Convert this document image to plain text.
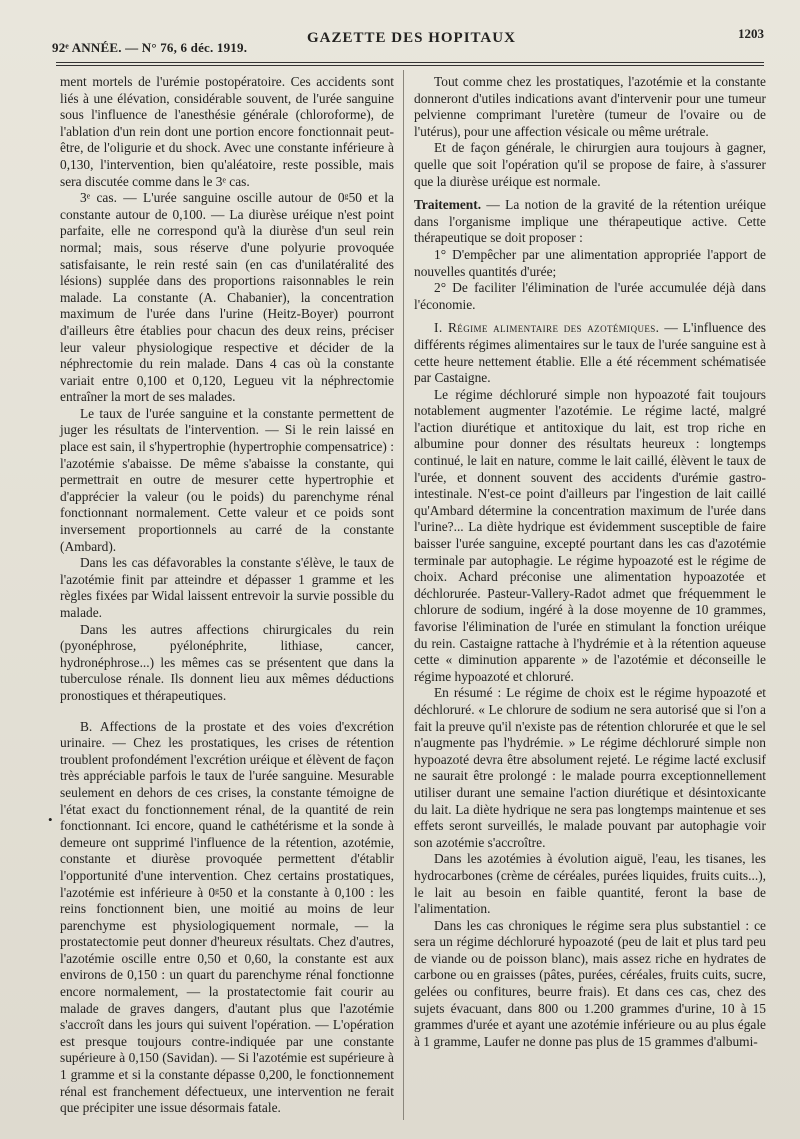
92ᵉ ANNÉE. — N° 76, 6 déc. 1919.
GAZETTE DES HOPITAUX	1203
•

ment mortels de l'urémie postopératoire. Ces accidents sont liés à une élévation, considérable souvent, de l'urée sanguine sous l'influence de l'anesthésie générale (chloroforme), de l'ablation d'un rein dont une portion encore fonctionnait peut-être, de l'oligurie et du shock. Avec une constante inférieure à 0,130, l'intervention, bien qu'aléatoire, reste possible, mais sera discutée comme dans le 3ᵉ cas.

3ᵉ cas. — L'urée sanguine oscille autour de 0ᵍ50 et la constante autour de 0,100. — La diurèse uréique n'est point parfaite, elle ne correspond qu'à la diurèse d'un seul rein normal; mais, sous réserve d'une polyurie provoquée satisfaisante, le rein resté sain (en cas d'unilatéralité des lésions) supplée dans des proportions raisonnables le rein malade. La constante (A. Chabanier), la concentration maximum de l'urée dans l'urine (Heitz-Boyer) pourront d'ailleurs être établies pour chacun des deux reins, préciser leur valeur physiologique respective et décider de la néphrectomie du rein malade. Dans 4 cas où la constante variait entre 0,100 et 0,120, Legueu vit la néphrectomie entraîner la mort de ses malades.

Le taux de l'urée sanguine et la constante permettent de juger les résultats de l'intervention. — Si le rein laissé en place est sain, il s'hypertrophie (hypertrophie compensatrice) : l'azotémie s'abaisse. De même s'abaisse la constante, qui permettrait en outre de mesurer cette hypertrophie et d'apprécier la valeur (ou le poids) du parenchyme rénal fonctionnant normalement. Cette valeur et ce poids sont inversement proportionnels au carré de la constante (Ambard).

Dans les cas défavorables la constante s'élève, le taux de l'azotémie finit par atteindre et dépasser 1 gramme et les règles fixées par Widal laissent entrevoir la survie possible du malade.

Dans les autres affections chirurgicales du rein (pyonéphrose, pyélonéphrite, lithiase, cancer, hydronéphrose...) les mêmes cas se présentent que dans la tuberculose rénale. Ils donnent lieu aux mêmes déductions pronostiques et thérapeutiques.

B. Affections de la prostate et des voies d'excrétion urinaire. — Chez les prostatiques, les crises de rétention troublent profondément l'excrétion uréique et élèvent de façon très appréciable parfois le taux de l'urée sanguine. Mesurable seulement en dehors de ces crises, la constante témoigne de l'état exact du fonctionnement rénal, de la quantité de rein fonctionnant. Ici encore, quand le cathétérisme et la sonde à demeure ont supprimé l'influence de la rétention, azotémie, constante et diurèse provoquée permettent d'établir l'opportunité d'une intervention. Chez certains prostatiques, l'azotémie est inférieure à 0ᵍ50 et la constante à 0,100 : les reins fonctionnent bien, une moitié au moins de leur parenchyme est physiologiquement normale, — la prostatectomie peut donner d'heureux résultats. Chez d'autres, l'azotémie oscille entre 0,50 et 0,60, la constante est aux environs de 0,150 : un quart du parenchyme rénal fonctionne encore normalement, — la prostatectomie fait courir au malade de graves dangers, d'autant plus que l'azotémie s'accroît dans les jours qui suivent l'opération. — L'opération est presque toujours contre-indiquée par une constante supérieure à 0,150 (Savidan). — Si l'azotémie est supérieure à 1 gramme et si la constante dépasse 0,200, le fonctionnement rénal est franchement défectueux, une intervention ne ferait que précipiter une issue désormais fatale.

Tout comme chez les prostatiques, l'azotémie et la constante donneront d'utiles indications avant d'intervenir pour une tumeur pelvienne comprimant l'uretère (tumeur de l'ovaire ou de l'utérus), pour une affection vésicale ou même urétrale.

Et de façon générale, le chirurgien aura toujours à gagner, quelle que soit l'opération qu'il se propose de faire, à s'assurer que la diurèse uréique est normale.

Traitement. — La notion de la gravité de la rétention uréique dans l'organisme implique une thérapeutique active. Cette thérapeutique se doit proposer :

1° D'empêcher par une alimentation appropriée l'apport de nouvelles quantités d'urée;

2° De faciliter l'élimination de l'urée accumulée déjà dans l'économie.

I. Régime alimentaire des azotémiques. — L'influence des différents régimes alimentaires sur le taux de l'urée sanguine est à cette heure nettement établie. Elle a été récemment schématisée par Castaigne.

Le régime déchloruré simple non hypoazoté fait toujours notablement augmenter l'azotémie. Le régime lacté, malgré l'action diurétique et antitoxique du lait, est trop riche en albumine pour donner des résultats heureux : longtemps continué, le lait en nature, comme le lait caillé, élèvent le taux de l'urée, et donnent souvent des accidents d'urémie gastro-intestinale. N'est-ce point d'ailleurs par l'ingestion de lait caillé qu'Ambard détermine la concentration maximum de l'urée dans l'urine?... La diète hydrique est évidemment susceptible de faire baisser l'urée sanguine, excepté pourtant dans les cas d'azotémie terminale par autophagie. Le régime hypoazoté est le régime de choix. Achard préconise une alimentation hypoazotée et déchlorurée. Pasteur-Vallery-Radot admet que fréquemment le chlorure de sodium, ingéré à la dose moyenne de 10 grammes, favorise l'élimination de l'urée en stimulant la fonction uréique du rein. Castaigne rattache à l'hydrémie et à la rétention aqueuse cette « diminution apparente » de l'azotémie et déconseille le régime hypoazoté et chloruré.

En résumé : Le régime de choix est le régime hypoazoté et déchloruré. « Le chlorure de sodium ne sera autorisé que si l'on a fait la preuve qu'il n'existe pas de rétention chlorurée et que le sel n'augmente pas l'hydrémie. » Le régime déchloruré simple non hypoazoté devra être absolument rejeté. Le régime lacté exclusif ne saurait être prolongé : le malade pourra exceptionnellement utiliser durant une semaine l'action diurétique et désintoxicante du lait. La diète hydrique ne sera pas longtemps maintenue et ses effets seront surveillés, le malade pouvant par autophagie voir son azotémie s'accroître.

Dans les azotémies à évolution aiguë, l'eau, les tisanes, les hydrocarbones (crème de céréales, purées liquides, fruits cuits...), le lait au besoin en faible quantité, feront la base de l'alimentation.

Dans les cas chroniques le régime sera plus substantiel : ce sera un régime déchloruré hypoazoté (peu de lait et plus tard peu de viande ou de poisson blanc), mais assez riche en hydrates de carbone ou en graisses (pâtes, purées, céréales, fruits cuits, sucre, gelées ou confitures, beurre frais). Et dans ces cas, chez des sujets évacuant, dans 800 ou 1.200 grammes d'urine, 10 à 15 grammes d'urée et ayant une azotémie inférieure ou au plus égale à 1 gramme, Laufer ne donne pas plus de 15 grammes d'albumi-
